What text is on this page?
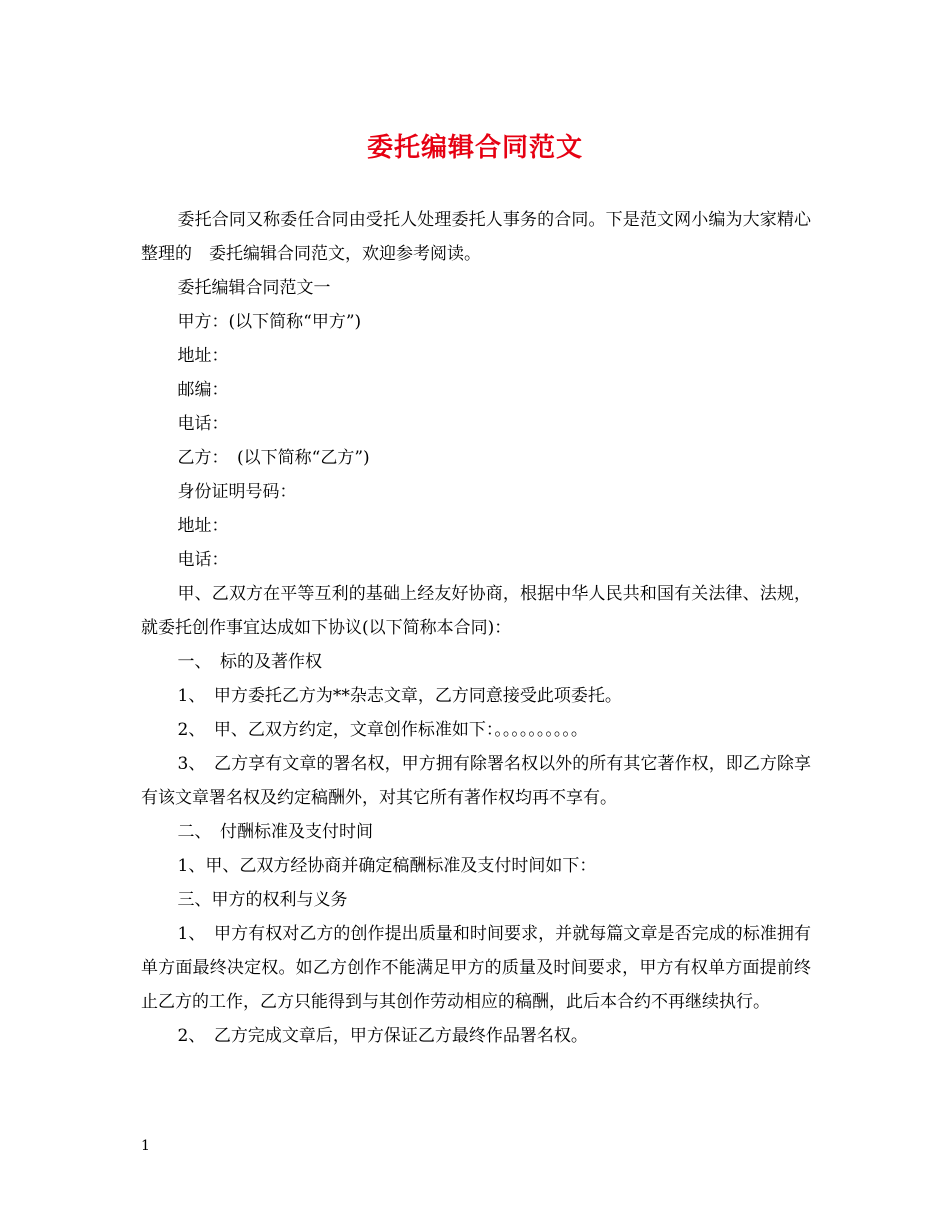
委托编辑合同范文

委托合同又称委任合同由受托人处理委托人事务的合同。下是范文网小编为大家精心整理的　委托编辑合同范文，欢迎参考阅读。

委托编辑合同范文一

甲方：(以下简称“甲方”)

地址：

邮编：

电话：

乙方：　(以下简称“乙方”)

身份证明号码：

地址：

电话：

甲、乙双方在平等互利的基础上经友好协商，根据中华人民共和国有关法律、法规，就委托创作事宜达成如下协议(以下简称本合同)：

一、　标的及著作权

1、　甲方委托乙方为**杂志文章，乙方同意接受此项委托。

2、　甲、乙双方约定，文章创作标准如下：。。。。。。。。。。

3、　乙方享有文章的署名权，甲方拥有除署名权以外的所有其它著作权，即乙方除享有该文章署名权及约定稿酬外，对其它所有著作权均再不享有。

二、　付酬标准及支付时间

1、甲、乙双方经协商并确定稿酬标准及支付时间如下：

三、甲方的权利与义务

1、　甲方有权对乙方的创作提出质量和时间要求，并就每篇文章是否完成的标准拥有单方面最终决定权。如乙方创作不能满足甲方的质量及时间要求，甲方有权单方面提前终止乙方的工作，乙方只能得到与其创作劳动相应的稿酬，此后本合约不再继续执行。

2、　乙方完成文章后，甲方保证乙方最终作品署名权。

1
